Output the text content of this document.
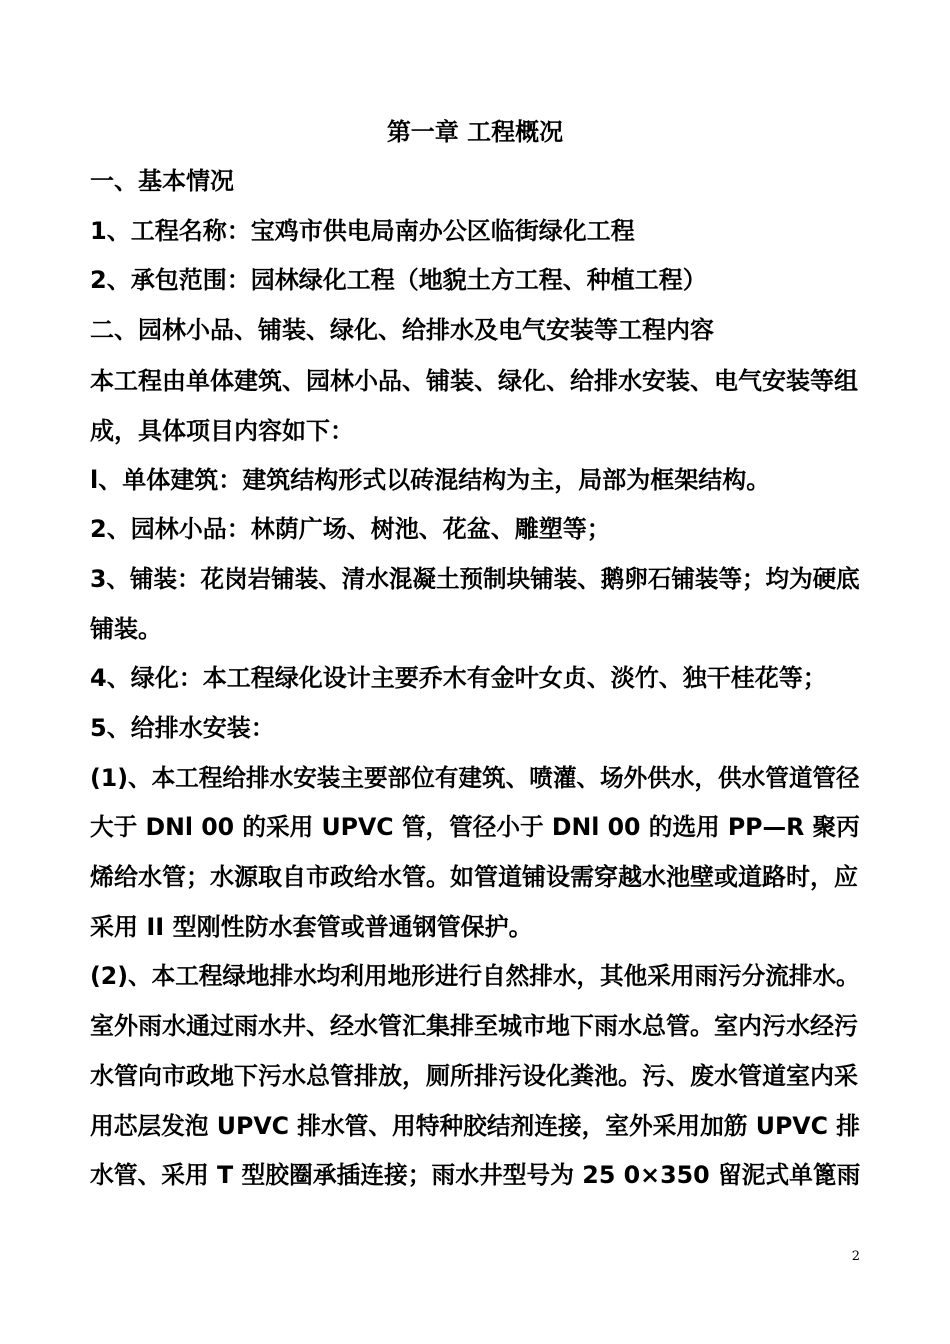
第一章 工程概况
一、基本情况
1、工程名称：宝鸡市供电局南办公区临街绿化工程
2、承包范围：园林绿化工程（地貌土方工程、种植工程）
二、园林小品、铺装、绿化、给排水及电气安装等工程内容
本工程由单体建筑、园林小品、铺装、绿化、给排水安装、电气安装等组
成，具体项目内容如下：
l、单体建筑：建筑结构形式以砖混结构为主，局部为框架结构。
2、园林小品：林荫广场、树池、花盆、雕塑等；
3、铺装：花岗岩铺装、清水混凝土预制块铺装、鹅卵石铺装等；均为硬底
铺装。
4、绿化：本工程绿化设计主要乔木有金叶女贞、淡竹、独干桂花等；
5、给排水安装：
(1)、本工程给排水安装主要部位有建筑、喷灌、场外供水，供水管道管径
大于 DNl 00 的采用 UPVC 管，管径小于 DNl 00 的选用 PP—R 聚丙
烯给水管；水源取自市政给水管。如管道铺设需穿越水池壁或道路时，应
采用 II 型刚性防水套管或普通钢管保护。
(2)、本工程绿地排水均利用地形进行自然排水，其他采用雨污分流排水。
室外雨水通过雨水井、经水管汇集排至城市地下雨水总管。室内污水经污
水管向市政地下污水总管排放，厕所排污设化粪池。污、废水管道室内采
用芯层发泡 UPVC 排水管、用特种胶结剂连接，室外采用加筋 UPVC 排
水管、采用 T 型胶圈承插连接；雨水井型号为 25 0×350 留泥式单篦雨
2
